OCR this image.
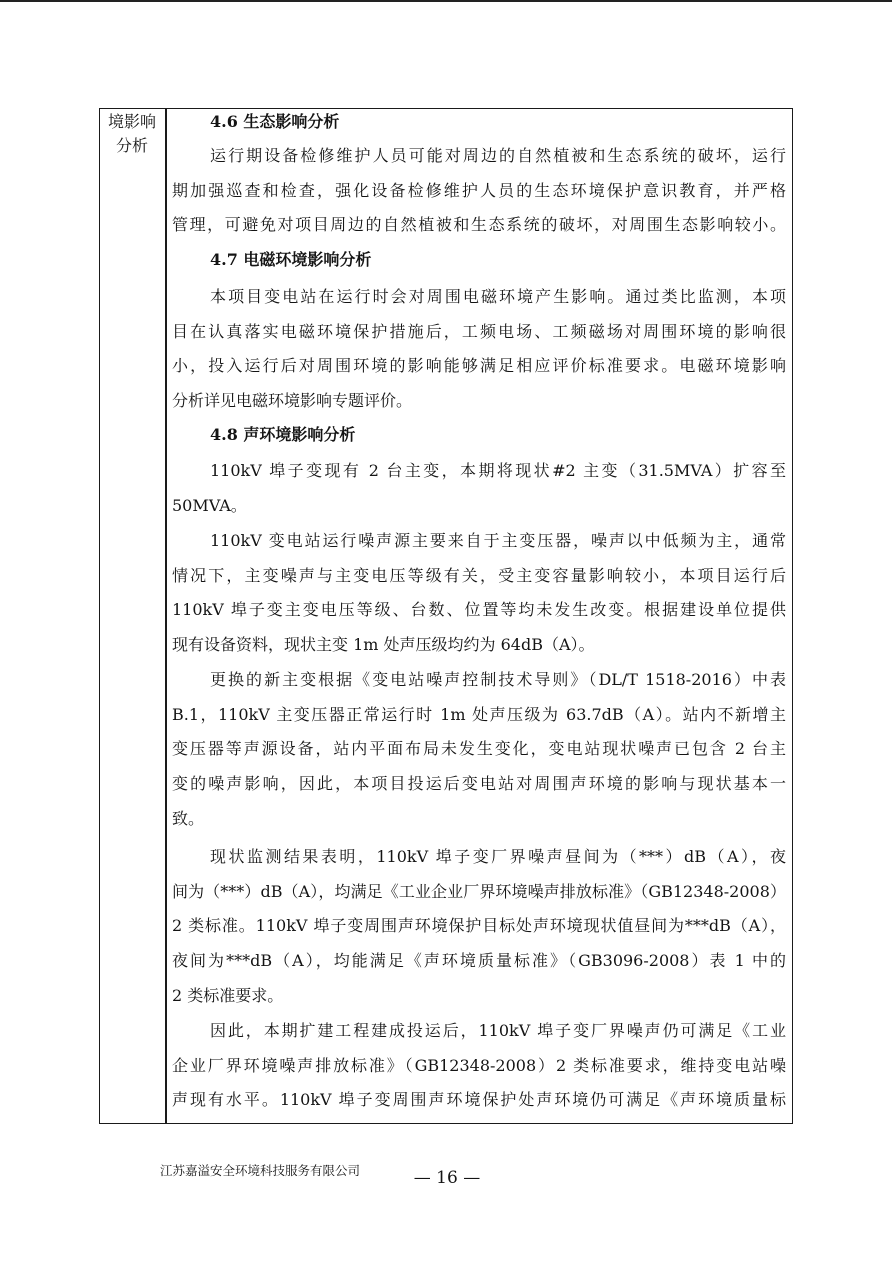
境影响
分析
4.6 生态影响分析
运行期设备检修维护人员可能对周边的自然植被和生态系统的破坏，运行
期加强巡查和检查，强化设备检修维护人员的生态环境保护意识教育，并严格
管理，可避免对项目周边的自然植被和生态系统的破坏，对周围生态影响较小。
4.7 电磁环境影响分析
本项目变电站在运行时会对周围电磁环境产生影响。通过类比监测，本项
目在认真落实电磁环境保护措施后，工频电场、工频磁场对周围环境的影响很
小，投入运行后对周围环境的影响能够满足相应评价标准要求。电磁环境影响
分析详见电磁环境影响专题评价。
4.8 声环境影响分析
110kV 埠子变现有 2 台主变，本期将现状#2 主变（31.5MVA）扩容至
50MVA。
110kV 变电站运行噪声源主要来自于主变压器，噪声以中低频为主，通常
情况下，主变噪声与主变电压等级有关，受主变容量影响较小，本项目运行后
110kV 埠子变主变电压等级、台数、位置等均未发生改变。根据建设单位提供
现有设备资料，现状主变 1m 处声压级均约为 64dB（A）。
更换的新主变根据《变电站噪声控制技术导则》（DL/T 1518-2016）中表
B.1，110kV 主变压器正常运行时 1m 处声压级为 63.7dB（A）。站内不新增主
变压器等声源设备，站内平面布局未发生变化，变电站现状噪声已包含 2 台主
变的噪声影响，因此，本项目投运后变电站对周围声环境的影响与现状基本一
致。
现状监测结果表明，110kV 埠子变厂界噪声昼间为（***）dB（A），夜
间为（***）dB（A），均满足《工业企业厂界环境噪声排放标准》（GB12348-2008）
2 类标准。110kV 埠子变周围声环境保护目标处声环境现状值昼间为***dB（A），
夜间为***dB（A），均能满足《声环境质量标准》（GB3096-2008）表 1 中的
2 类标准要求。
因此，本期扩建工程建成投运后，110kV 埠子变厂界噪声仍可满足《工业
企业厂界环境噪声排放标准》（GB12348-2008）2 类标准要求，维持变电站噪
声现有水平。110kV 埠子变周围声环境保护处声环境仍可满足《声环境质量标
江苏嘉溢安全环境科技服务有限公司	— 16 —
